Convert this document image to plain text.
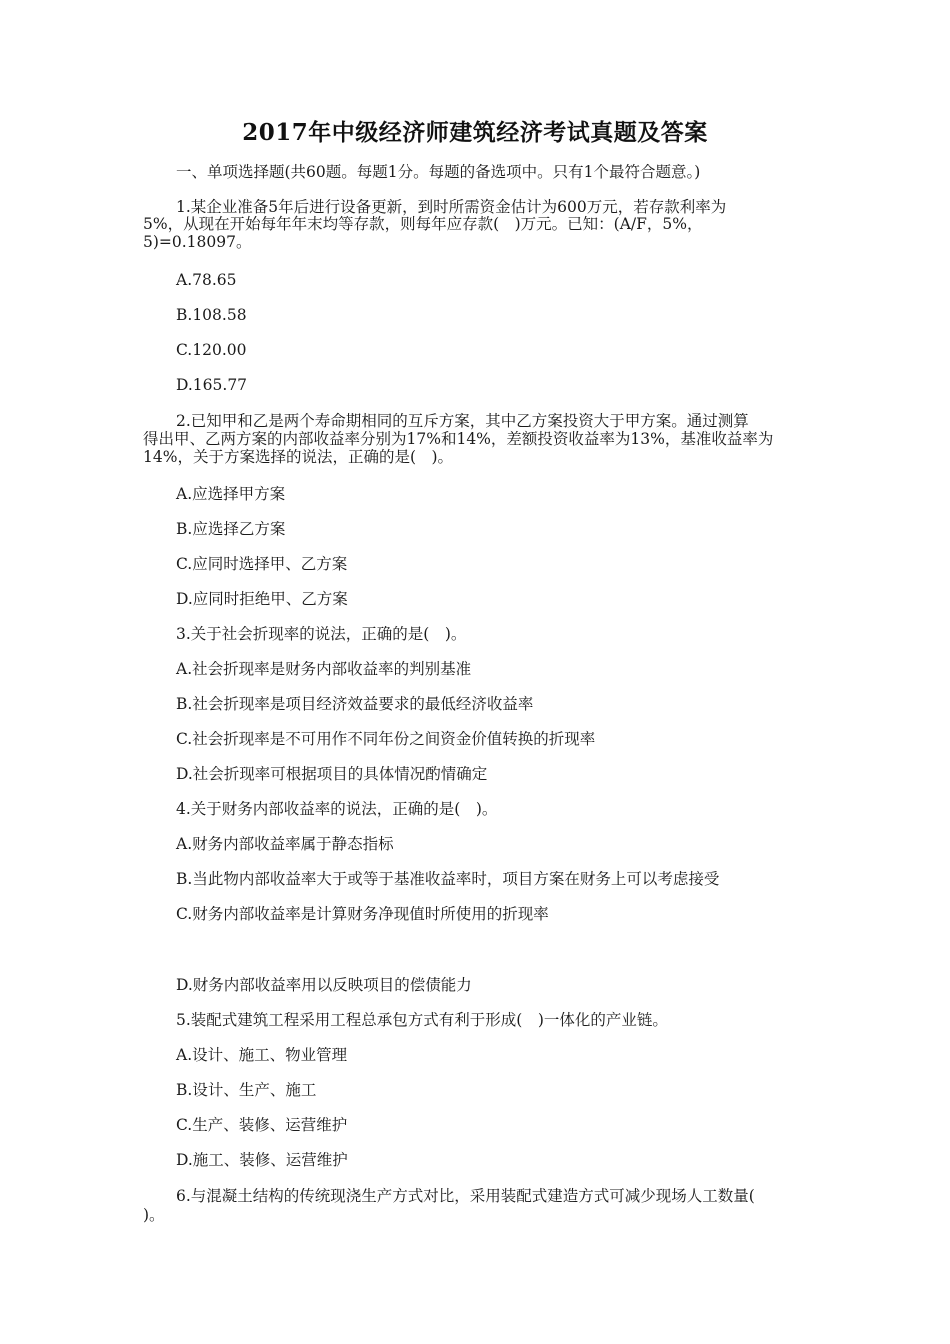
2017年中级经济师建筑经济考试真题及答案
一、单项选择题(共60题。每题1分。每题的备选项中。只有1个最符合题意。)
1.某企业准备5年后进行设备更新，到时所需资金估计为600万元，若存款利率为
5%，从现在开始每年年末均等存款，则每年应存款(　)万元。已知：(A/F，5%，
5)=0.18097。
A.78.65
B.108.58
C.120.00
D.165.77
2.已知甲和乙是两个寿命期相同的互斥方案，其中乙方案投资大于甲方案。通过测算
得出甲、乙两方案的内部收益率分别为17%和14%，差额投资收益率为13%，基准收益率为
14%，关于方案选择的说法，正确的是(　)。
A.应选择甲方案
B.应选择乙方案
C.应同时选择甲、乙方案
D.应同时拒绝甲、乙方案
3.关于社会折现率的说法，正确的是(　)。
A.社会折现率是财务内部收益率的判别基准
B.社会折现率是项目经济效益要求的最低经济收益率
C.社会折现率是不可用作不同年份之间资金价值转换的折现率
D.社会折现率可根据项目的具体情况酌情确定
4.关于财务内部收益率的说法，正确的是(　)。
A.财务内部收益率属于静态指标
B.当此物内部收益率大于或等于基准收益率时，项目方案在财务上可以考虑接受
C.财务内部收益率是计算财务净现值时所使用的折现率
D.财务内部收益率用以反映项目的偿债能力
5.装配式建筑工程采用工程总承包方式有利于形成(　)一体化的产业链。
A.设计、施工、物业管理
B.设计、生产、施工
C.生产、装修、运营维护
D.施工、装修、运营维护
6.与混凝土结构的传统现浇生产方式对比，采用装配式建造方式可减少现场人工数量(
)。
